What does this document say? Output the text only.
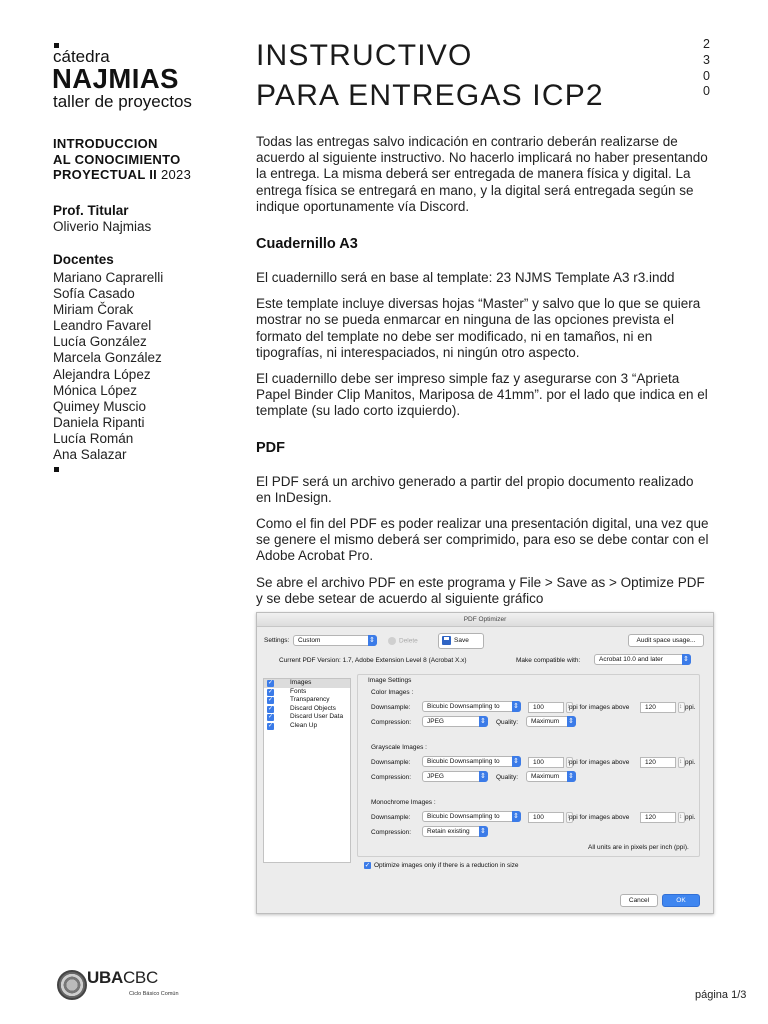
cátedra
NAJMIAS
taller de proyectos
INTRODUCCION
AL CONOCIMIENTO
PROYECTUAL II 2023
Prof. Titular
Oliverio Najmias
Docentes
Mariano Caprarelli
Sofía Casado
Miriam Čorak
Leandro Favarel
Lucía González
Marcela González
Alejandra López
Mónica López
Quimey Muscio
Daniela Ripanti
Lucía Román
Ana Salazar
INSTRUCTIVO
PARA ENTREGAS ICP2
2
3
0
0

Todas las entregas salvo indicación en contrario deberán realizarse de acuerdo al siguiente instructivo. No hacerlo implicará no haber presentando la entrega. La misma deberá ser entregada de manera física y digital. La entrega física se entregará en mano, y la digital será entregada según se indique oportunamente vía Discord.

Cuadernillo A3

El cuadernillo será en base al template: 23 NJMS Template A3 r3.indd

Este template incluye diversas hojas “Master” y salvo que lo que se quiera mostrar no se pueda enmarcar en ninguna de las opciones prevista el formato del template no debe ser modificado, ni en tamaños, ni en tipografías, ni interespaciados, ni ningún otro aspecto.

El cuadernillo debe ser impreso simple faz y asegurarse con 3 “Aprieta Papel Binder Clip Manitos, Mariposa de 41mm”. por el lado que indica en el template (su lado corto izquierdo).

PDF

El PDF será un archivo generado a partir del propio documento realizado en InDesign.

Como el fin del PDF es poder realizar una presentación digital, una vez que se genere el mismo deberá ser comprimido, para eso se debe contar con el Adobe Acrobat Pro.

Se abre el archivo PDF en este programa y File > Save as > Optimize PDF y se debe setear de acuerdo al siguiente gráfico

PDF Optimizer
Settings:	Custom ⇕	Delete	Save	Audit space usage...
Current PDF Version: 1.7, Adobe Extension Level 8 (Acrobat X.x)	Make compatible with:	Acrobat 10.0 and later
⇕
✓	Images
✓	Fonts
✓	Transparency
✓	Discard Objects
✓	Discard User Data
✓	Clean Up
Image Settings
Color Images :
Downsample:	Bicubic Downsampling to ⇕	100 ↕	ppi for images above	120 ↕	ppi.
Compression:	JPEG ⇕	Quality:	Maximum
⇕
Grayscale Images :
Downsample:	Bicubic Downsampling to ⇕	100 ↕	ppi for images above	120 ↕	ppi.
Compression:	JPEG ⇕	Quality:	Maximum
⇕
Monochrome Images :
Downsample:	Bicubic Downsampling to ⇕	100 ↕	ppi for images above	120 ↕	ppi.
Compression:	Retain existing
⇕
All units are in pixels per inch (ppi).
✓ Optimize images only if there is a reduction in size
Cancel	OK
UBACBC
Ciclo Básico Común	página 1/3
